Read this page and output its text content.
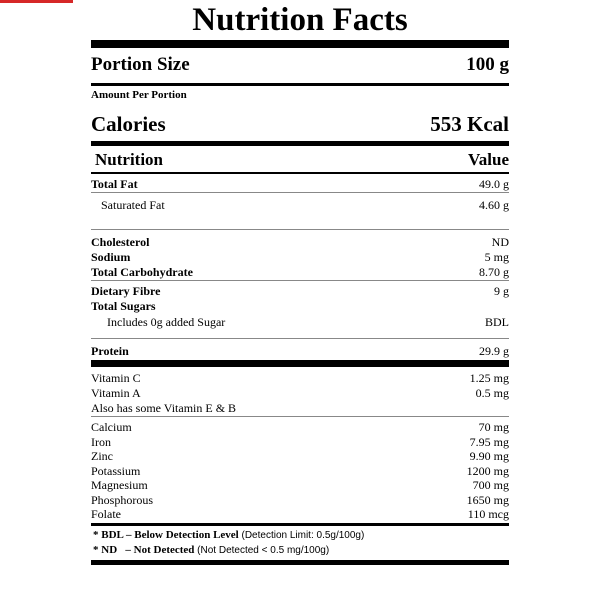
Nutrition Facts
Portion Size	100 g
Amount Per Portion
Calories	553 Kcal
Nutrition	Value
Total Fat	49.0 g
Saturated Fat	4.60 g
Cholesterol	ND
Sodium	5 mg
Total Carbohydrate	8.70 g
Dietary Fibre	9 g
Total Sugars
Includes 0g added Sugar	BDL
Protein	29.9 g
Vitamin C	1.25 mg
Vitamin A	0.5 mg
Also has some Vitamin E & B
Calcium	70 mg
Iron	7.95 mg
Zinc	9.90 mg
Potassium	1200 mg
Magnesium	700 mg
Phosphorous	1650 mg
Folate	110 mcg
* BDL – Below Detection Level (Detection Limit: 0.5g/100g)
* ND   – Not Detected (Not Detected < 0.5 mg/100g)
